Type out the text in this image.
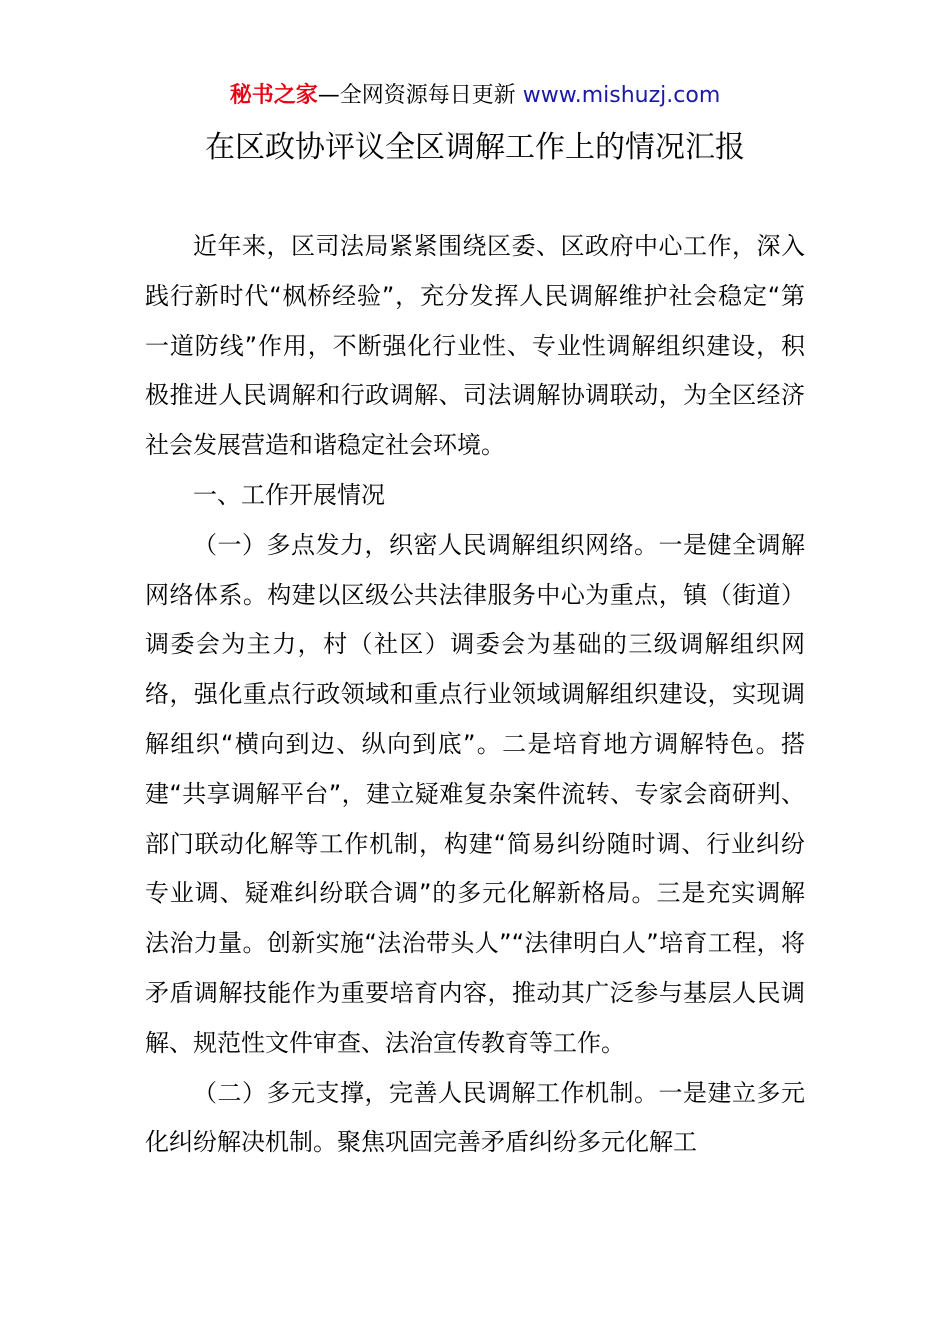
秘书之家—全网资源每日更新 www.mishuzj.com
在区政协评议全区调解工作上的情况汇报

近年来，区司法局紧紧围绕区委、区政府中心工作，深入践行新时代“枫桥经验”，充分发挥人民调解维护社会稳定“第一道防线”作用，不断强化行业性、专业性调解组织建设，积极推进人民调解和行政调解、司法调解协调联动，为全区经济社会发展营造和谐稳定社会环境。

一、工作开展情况

（一）多点发力，织密人民调解组织网络。一是健全调解网络体系。构建以区级公共法律服务中心为重点，镇（街道）调委会为主力，村（社区）调委会为基础的三级调解组织网络，强化重点行政领域和重点行业领域调解组织建设，实现调解组织“横向到边、纵向到底”。二是培育地方调解特色。搭建“共享调解平台”，建立疑难复杂案件流转、专家会商研判、部门联动化解等工作机制，构建“简易纠纷随时调、行业纠纷专业调、疑难纠纷联合调”的多元化解新格局。三是充实调解法治力量。创新实施“法治带头人”“法律明白人”培育工程，将矛盾调解技能作为重要培育内容，推动其广泛参与基层人民调解、规范性文件审查、法治宣传教育等工作。

（二）多元支撑，完善人民调解工作机制。一是建立多元化纠纷解决机制。聚焦巩固完善矛盾纠纷多元化解工
